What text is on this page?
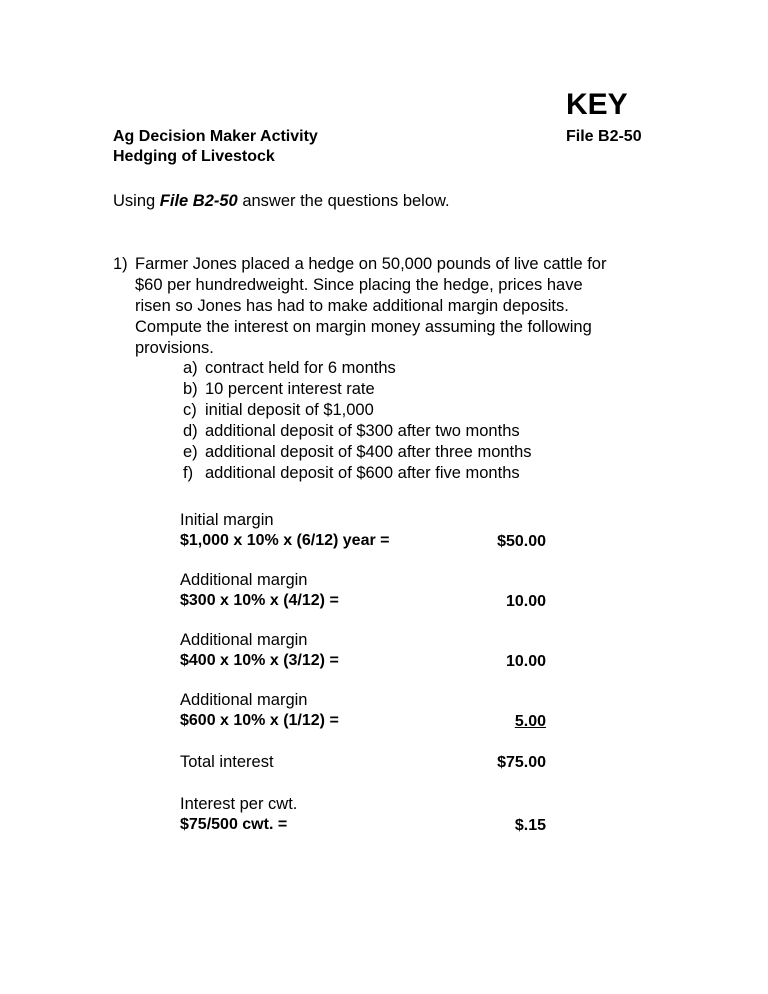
KEY
Ag Decision Maker Activity
Hedging of Livestock
File B2-50
Using File B2-50 answer the questions below.
1) Farmer Jones placed a hedge on 50,000 pounds of live cattle for
$60 per hundredweight. Since placing the hedge, prices have
risen so Jones has had to make additional margin deposits.
Compute the interest on margin money assuming the following
provisions.
a) contract held for 6 months
b) 10 percent interest rate
c) initial deposit of $1,000
d) additional deposit of $300 after two months
e) additional deposit of $400 after three months
f) additional deposit of $600 after five months
Initial margin
$1,000 x 10% x (6/12) year =	$50.00
Additional margin
$300 x 10% x (4/12) =	10.00
Additional margin
$400 x 10% x (3/12) =	10.00
Additional margin
$600 x 10% x (1/12) =	5.00
Total interest	$75.00
Interest per cwt.
$75/500 cwt. =	$.15
